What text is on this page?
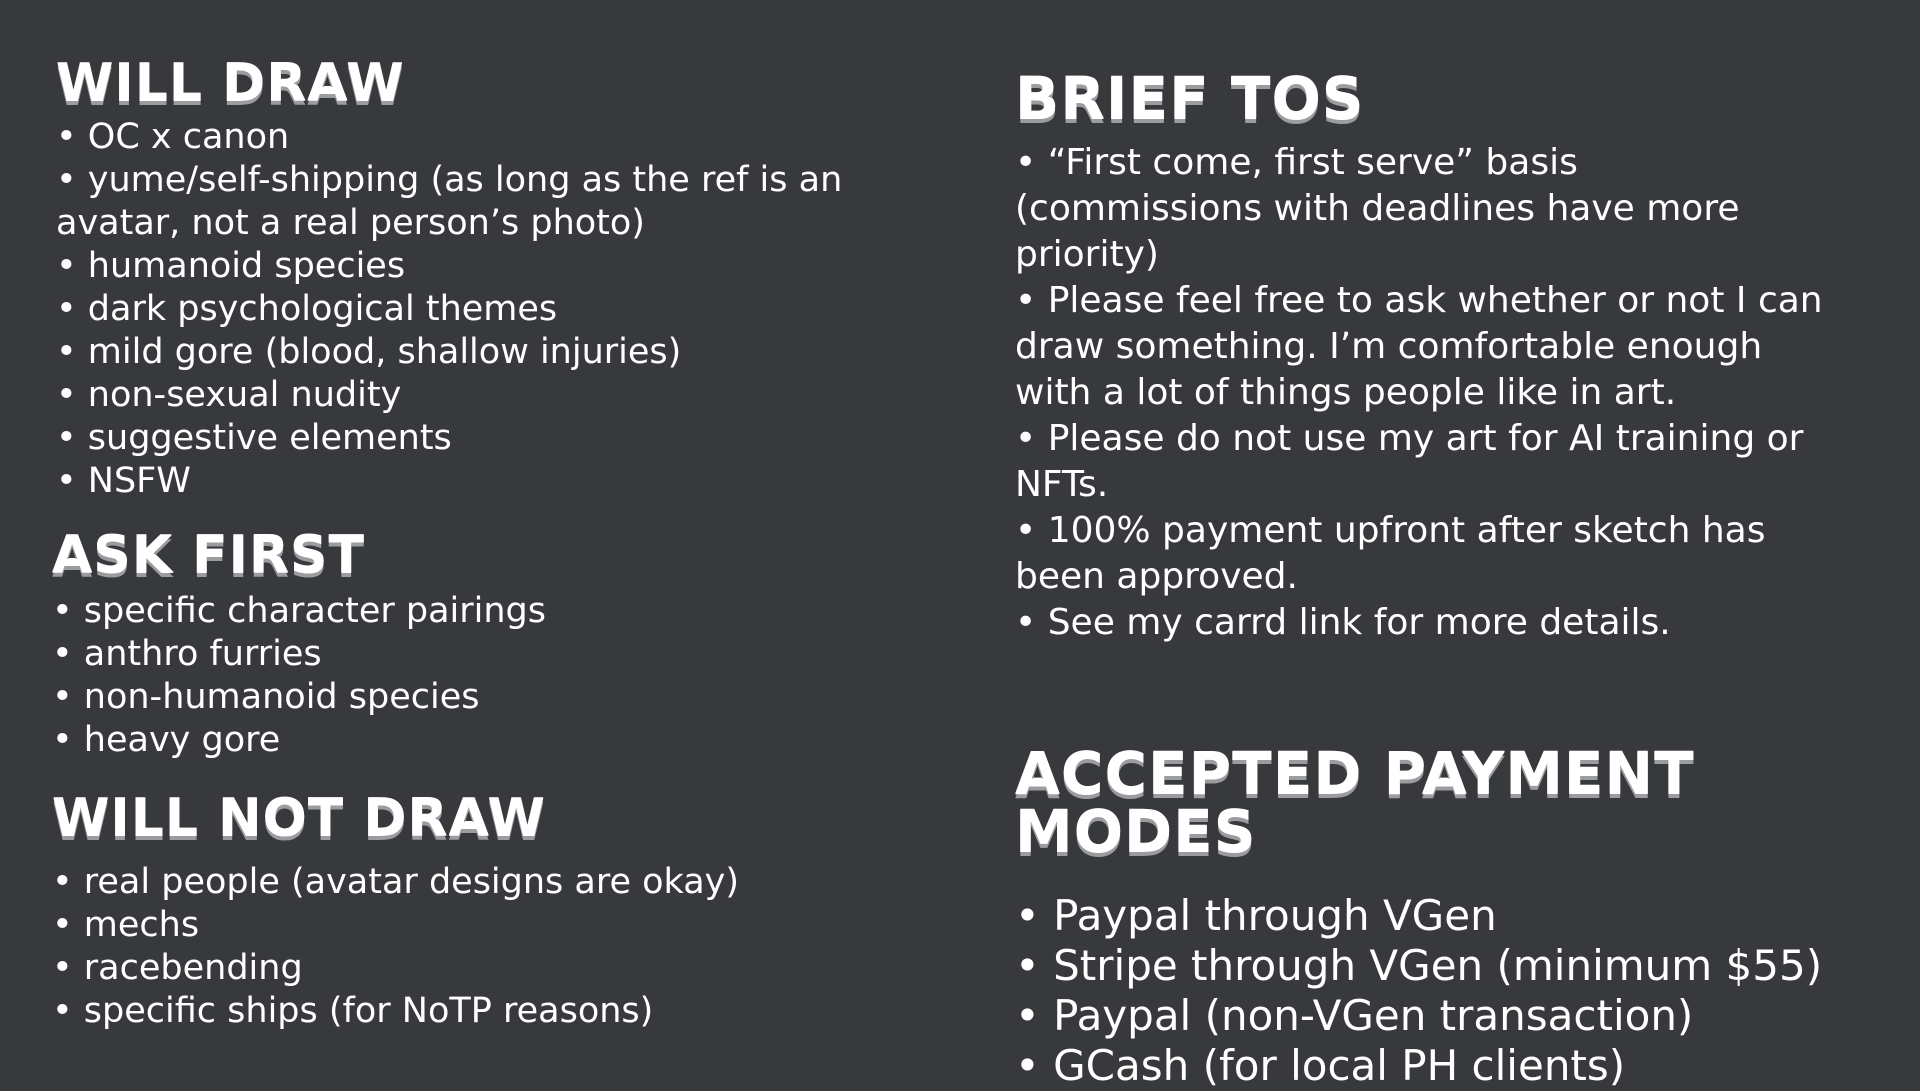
WILL DRAW
• OC x canon
• yume/self-shipping (as long as the ref is an avatar, not a real person’s photo)
• humanoid species
• dark psychological themes
• mild gore (blood, shallow injuries)
• non-sexual nudity
• suggestive elements
• NSFW
ASK FIRST
• specific character pairings
• anthro furries
• non-humanoid species
• heavy gore
WILL NOT DRAW
• real people (avatar designs are okay)
• mechs
• racebending
• specific ships (for NoTP reasons)
BRIEF TOS
• “First come, first serve” basis (commissions with deadlines have more priority)
• Please feel free to ask whether or not I can draw something. I’m comfortable enough with a lot of things people like in art.
• Please do not use my art for AI training or NFTs.
• 100% payment upfront after sketch has been approved.
• See my carrd link for more details.
ACCEPTED PAYMENT MODES
• Paypal through VGen
• Stripe through VGen (minimum $55)
• Paypal (non-VGen transaction)
• GCash (for local PH clients)
